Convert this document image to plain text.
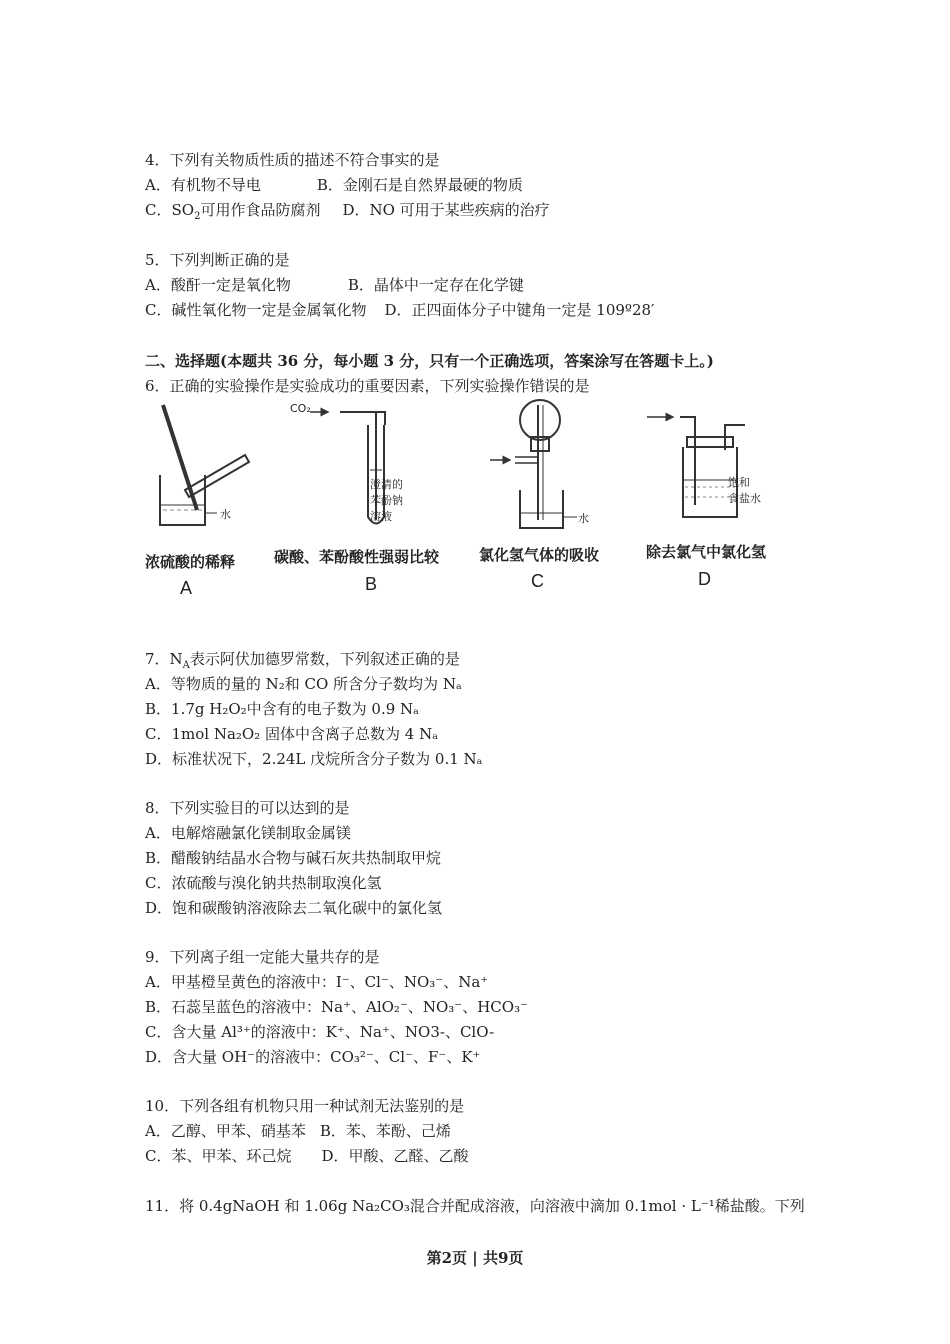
4．下列有关物质性质的描述不符合事实的是
A．有机物不导电	B．金刚石是自然界最硬的物质
C．$SO_2$可用作食品防腐剂 D．NO 可用于某些疾病的治疗
5．下列判断正确的是
A．酸酐一定是氧化物	B．晶体中一定存在化学键
C．碱性氧化物一定是金属氧化物 D．正四面体分子中键角一定是 109º28′
二、选择题(本题共 36 分，每小题 3 分，只有一个正确选项，答案涂写在答题卡上。)
6．正确的实验操作是实验成功的重要因素，下列实验操作错误的是
水
CO₂
澄清的
苯酚钠
溶液	水
饱和
食盐水
浓硫酸的稀释	碳酸、苯酚酸性强弱比较	氯化氢气体的吸收	除去氯气中氯化氢
A	B	C	D
7．$N_A$表示阿伏加德罗常数，下列叙述正确的是
A．等物质的量的 N₂和 CO 所含分子数均为 Nₐ
B．1.7g H₂O₂中含有的电子数为 0.9 Nₐ
C．1mol Na₂O₂ 固体中含离子总数为 4 Nₐ
D．标准状况下，2.24L 戊烷所含分子数为 0.1 Nₐ
8．下列实验目的可以达到的是
A．电解熔融氯化镁制取金属镁
B．醋酸钠结晶水合物与碱石灰共热制取甲烷
C．浓硫酸与溴化钠共热制取溴化氢
D．饱和碳酸钠溶液除去二氧化碳中的氯化氢
9．下列离子组一定能大量共存的是
A．甲基橙呈黄色的溶液中：I⁻、Cl⁻、NO₃⁻、Na⁺
B．石蕊呈蓝色的溶液中：Na⁺、AlO₂⁻、NO₃⁻、HCO₃⁻
C．含大量 Al³⁺的溶液中：K⁺、Na⁺、NO3-、ClO-
D．含大量 OH⁻的溶液中：CO₃²⁻、Cl⁻、F⁻、K⁺
10．下列各组有机物只用一种试剂无法鉴别的是
A．乙醇、甲苯、硝基苯 B．苯、苯酚、己烯
C．苯、甲苯、环己烷 D．甲酸、乙醛、乙酸
11．将 0.4gNaOH 和 1.06g Na₂CO₃混合并配成溶液，向溶液中滴加 0.1mol · L⁻¹稀盐酸。下列
第2页 | 共9页
